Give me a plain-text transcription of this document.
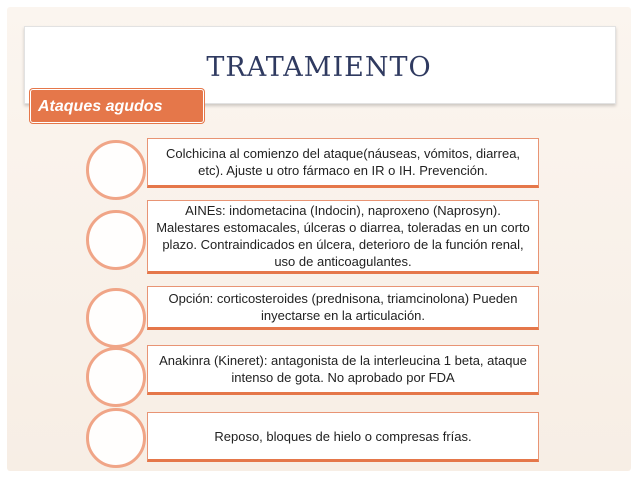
TRATAMIENTO
Ataques agudos
Colchicina al comienzo del ataque(náuseas, vómitos, diarrea, etc). Ajuste u otro fármaco en IR o IH. Prevención.
AINEs: indometacina (Indocin), naproxeno (Naprosyn). Malestares estomacales, úlceras o diarrea, toleradas en un corto plazo. Contraindicados en úlcera, deterioro de la función renal, uso de anticoagulantes.
Opción: corticosteroides (prednisona, triamcinolona) Pueden inyectarse en la articulación.
Anakinra (Kineret): antagonista de la interleucina 1 beta, ataque intenso de gota. No aprobado por FDA
Reposo, bloques de hielo o compresas frías.
